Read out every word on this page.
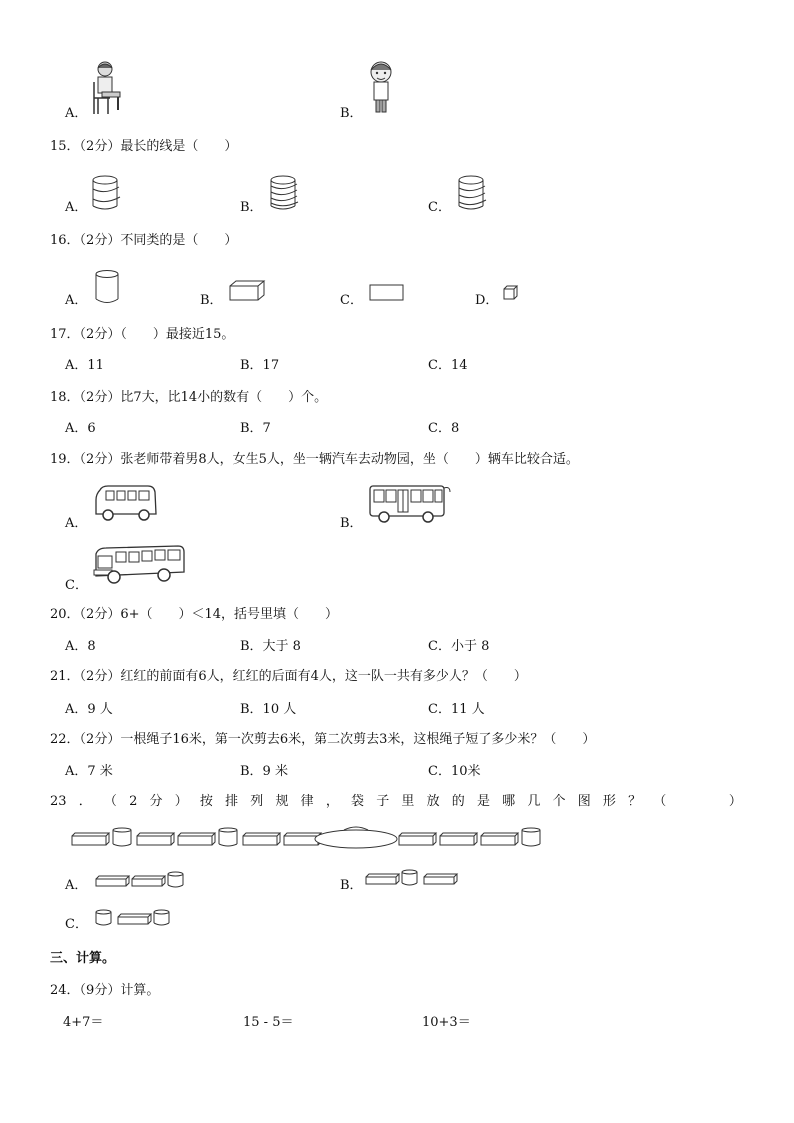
A．	B．
15．（2分）最长的线是（　　）
A．	B．	C．
16．（2分）不同类的是（　　）
A．	B．	C．	D．
17．（2分）（　　）最接近15。
A．11	B．17	C．14
18．（2分）比7大，比14小的数有（　　）个。
A．6	B．7	C．8
19．（2分）张老师带着男8人，女生5人，坐一辆汽车去动物园，坐（　　）辆车比较合适。
A．	B．
C．
20．（2分）6+（　　）＜14，括号里填（　　）
A．8	B．大于 8	C．小于 8
21．（2分）红红的前面有6人，红红的后面有4人，这一队一共有多少人？（　　）
A．9 人	B．10 人	C．11 人
22．（2分）一根绳子16米，第一次剪去6米，第二次剪去3米，这根绳子短了多少米？（　　）
A．7 米	B．9 米	C．10米
23 ． （ 2 分 ） 按 排 列 规 律 ， 袋 子 里 放 的 是 哪 几 个 图 形 ？ （

　	）
A．	B．
C．
三、计算。
24．（9分）计算。
4+7＝	15 - 5＝	10+3＝
